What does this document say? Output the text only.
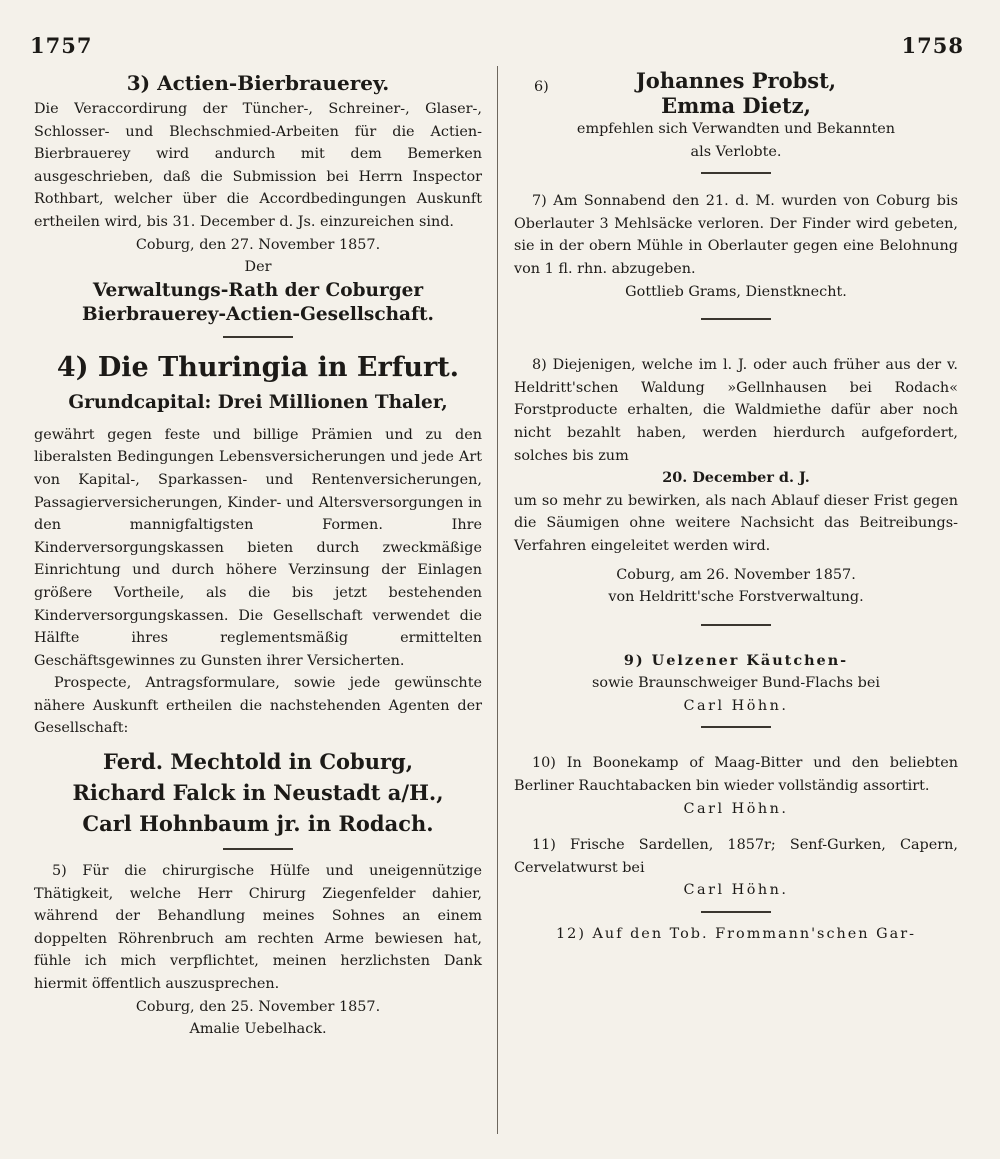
1757	1758

3) Actien-Bierbrauerey.

Die Veraccordirung der Tüncher-, Schreiner-, Glaser-, Schlosser- und Blechschmied-Arbeiten für die Actien-Bierbrauerey wird andurch mit dem Bemerken ausgeschrieben, daß die Submission bei Herrn Inspector Rothbart, welcher über die Accordbedingungen Auskunft ertheilen wird, bis 31. December d. Js. einzureichen sind.

Coburg, den 27. November 1857.

Der

Verwaltungs-Rath der Coburger Bierbrauerey-Actien-Gesellschaft.

4) Die Thuringia in Erfurt.

Grundcapital: Drei Millionen Thaler,

gewährt gegen feste und billige Prämien und zu den liberalsten Bedingungen Lebensversicherungen und jede Art von Kapital-, Sparkassen- und Rentenversicherungen, Passagierversicherungen, Kinder- und Altersversorgungen in den mannigfaltigsten Formen. Ihre Kinderversorgungskassen bieten durch zweckmäßige Einrichtung und durch höhere Verzinsung der Einlagen größere Vortheile, als die bis jetzt bestehenden Kinderversorgungskassen. Die Gesellschaft verwendet die Hälfte ihres reglementsmäßig ermittelten Geschäftsgewinnes zu Gunsten ihrer Versicherten.

Prospecte, Antragsformulare, sowie jede gewünschte nähere Auskunft ertheilen die nachstehenden Agenten der Gesellschaft:

Ferd. Mechtold in Coburg,

Richard Falck in Neustadt a/H.,

Carl Hohnbaum jr. in Rodach.

5) Für die chirurgische Hülfe und uneigennützige Thätigkeit, welche Herr Chirurg Ziegenfelder dahier, während der Behandlung meines Sohnes an einem doppelten Röhrenbruch am rechten Arme bewiesen hat, fühle ich mich verpflichtet, meinen herzlichsten Dank hiermit öffentlich auszusprechen.

Coburg, den 25. November 1857.

Amalie Uebelhack.

6)	Johannes Probst,

Emma Dietz,

empfehlen sich Verwandten und Bekannten

als Verlobte.

7) Am Sonnabend den 21. d. M. wurden von Coburg bis Oberlauter 3 Mehlsäcke verloren. Der Finder wird gebeten, sie in der obern Mühle in Oberlauter gegen eine Belohnung von 1 fl. rhn. abzugeben.

Gottlieb Grams, Dienstknecht.

8) Diejenigen, welche im l. J. oder auch früher aus der v. Heldritt'schen Waldung »Gellnhausen bei Rodach« Forstproducte erhalten, die Waldmiethe dafür aber noch nicht bezahlt haben, werden hierdurch aufgefordert, solches bis zum

20. December d. J.

um so mehr zu bewirken, als nach Ablauf dieser Frist gegen die Säumigen ohne weitere Nachsicht das Beitreibungs-Verfahren eingeleitet werden wird.

Coburg, am 26. November 1857.

von Heldritt'sche Forstverwaltung.

9) Uelzener Käutchen-

sowie Braunschweiger Bund-Flachs bei

Carl Höhn.

10) In Boonekamp of Maag-Bitter und den beliebten Berliner Rauchtabacken bin wieder vollständig assortirt.

Carl Höhn.

11) Frische Sardellen, 1857r; Senf-Gurken, Capern, Cervelatwurst bei

Carl Höhn.

12) Auf den Tob. Frommann'schen Gar-
